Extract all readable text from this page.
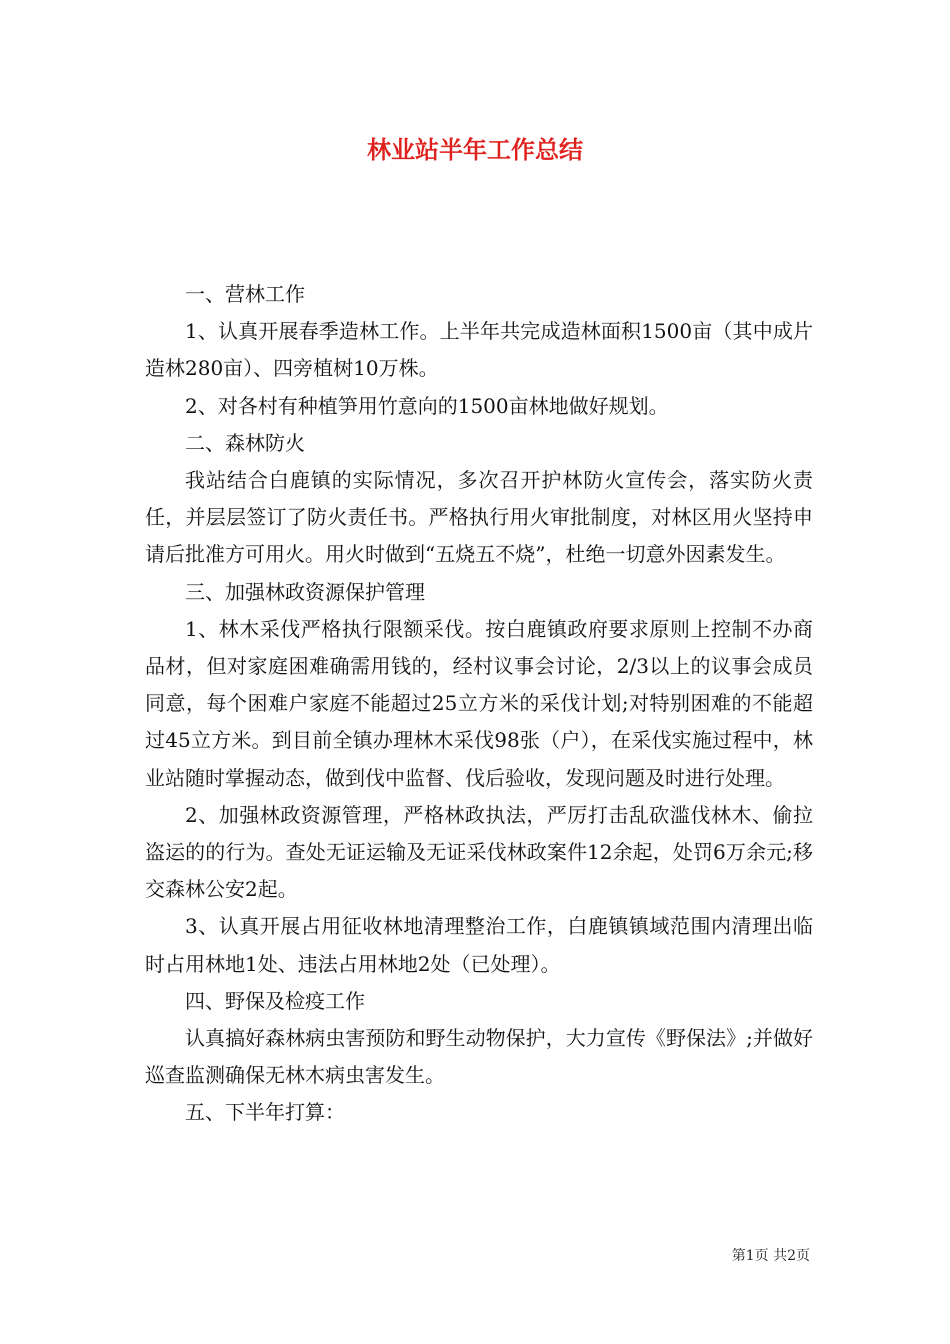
林业站半年工作总结

一、营林工作

1、认真开展春季造林工作。上半年共完成造林面积1500亩（其中成片造林280亩）、四旁植树10万株。

2、对各村有种植笋用竹意向的1500亩林地做好规划。

二、森林防火

我站结合白鹿镇的实际情况，多次召开护林防火宣传会，落实防火责任，并层层签订了防火责任书。严格执行用火审批制度，对林区用火坚持申请后批准方可用火。用火时做到“五烧五不烧”，杜绝一切意外因素发生。

三、加强林政资源保护管理

1、林木采伐严格执行限额采伐。按白鹿镇政府要求原则上控制不办商品材，但对家庭困难确需用钱的，经村议事会讨论，2/3以上的议事会成员同意，每个困难户家庭不能超过25立方米的采伐计划;对特别困难的不能超过45立方米。到目前全镇办理林木采伐98张（户），在采伐实施过程中，林业站随时掌握动态，做到伐中监督、伐后验收，发现问题及时进行处理。

2、加强林政资源管理，严格林政执法，严厉打击乱砍滥伐林木、偷拉盗运的的行为。查处无证运输及无证采伐林政案件12余起，处罚6万余元;移交森林公安2起。

3、认真开展占用征收林地清理整治工作，白鹿镇镇域范围内清理出临时占用林地1处、违法占用林地2处（已处理）。

四、野保及检疫工作

认真搞好森林病虫害预防和野生动物保护，大力宣传《野保法》;并做好巡查监测确保无林木病虫害发生。

五、下半年打算：

第1页 共2页
